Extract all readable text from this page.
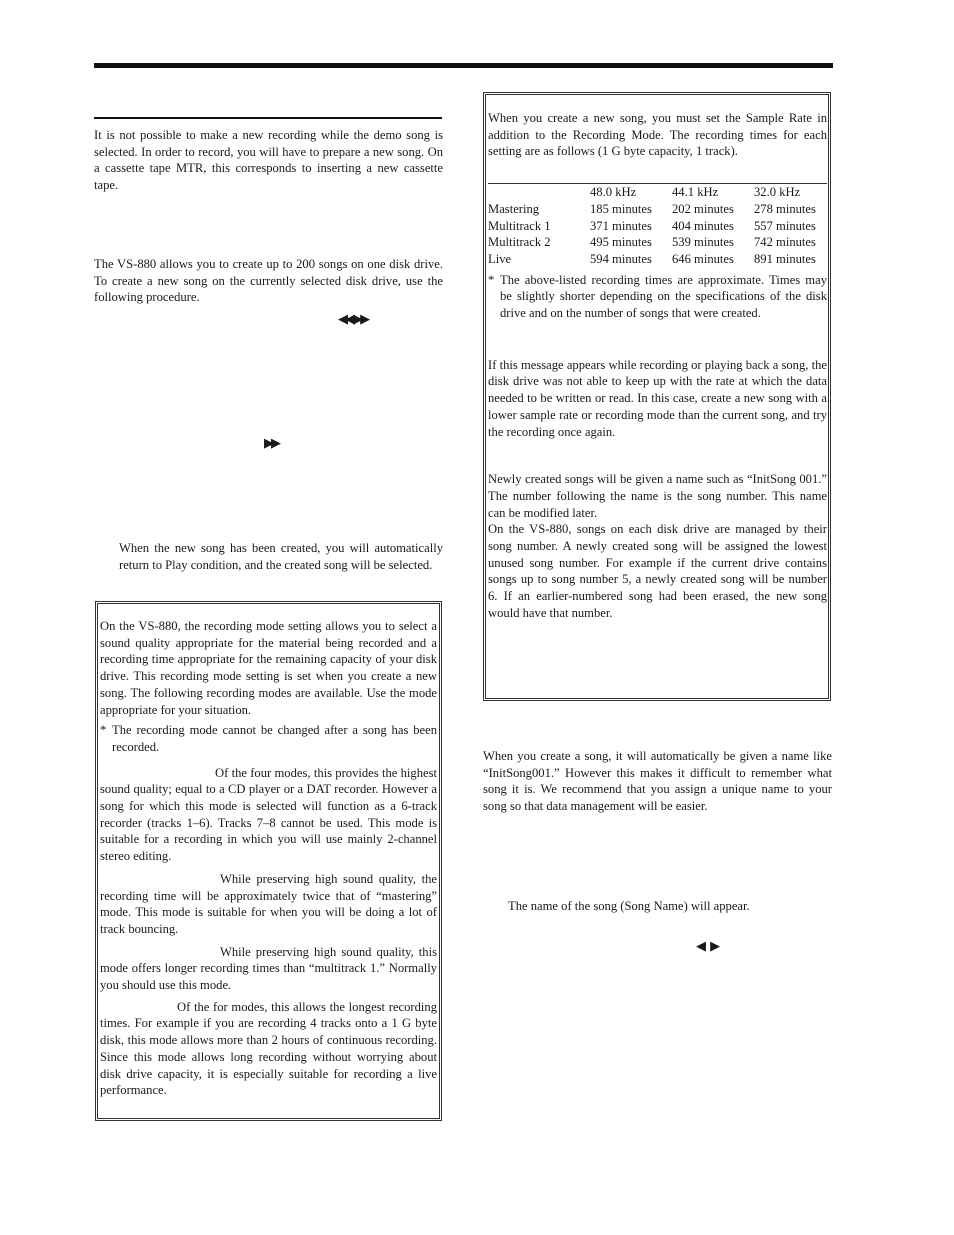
It is not possible to make a new recording while the demo song is selected. In order to record, you will have to prepare a new song. On a cassette tape MTR, this corresponds to inserting a new cassette tape.

The VS-880 allows you to create up to 200 songs on one disk drive. To create a new song on the currently selected disk drive, use the following procedure.

◀◀ ▶▶
▶▶

When the new song has been created, you will automatically return to Play condition, and the created song will be selected.

On the VS-880, the recording mode setting allows you to select a sound quality appropriate for the material being recorded and a recording time appropriate for the remaining capacity of your disk drive. This recording mode setting is set when you create a new song. The following recording modes are available. Use the mode appropriate for your situation.

* The recording mode cannot be changed after a song has been recorded.

Of the four modes, this provides the highest sound quality; equal to a CD player or a DAT recorder. However a song for which this mode is selected will function as a 6-track recorder (tracks 1–6). Tracks 7–8 cannot be used. This mode is suitable for a recording in which you will use mainly 2-channel stereo editing.

While preserving high sound quality, the recording time will be approximately twice that of “mastering” mode. This mode is suitable for when you will be doing a lot of track bouncing.

While preserving high sound quality, this mode offers longer recording times than “multitrack 1.” Normally you should use this mode.

Of the for modes, this allows the longest recording times. For example if you are recording 4 tracks onto a 1 G byte disk, this mode allows more than 2 hours of continuous recording. Since this mode allows long recording without worrying about disk drive capacity, it is especially suitable for recording a live performance.

When you create a new song, you must set the Sample Rate in addition to the Recording Mode. The recording times for each setting are as follows (1 G byte capacity, 1 track).

	48.0 kHz	44.1 kHz	32.0 kHz
Mastering	185 minutes	202 minutes	278 minutes
Multitrack 1	371 minutes	404 minutes	557 minutes
Multitrack 2	495 minutes	539 minutes	742 minutes
Live	594 minutes	646 minutes	891 minutes
* The above-listed recording times are approximate. Times may be slightly shorter depending on the specifications of the disk drive and on the number of songs that were created.

If this message appears while recording or playing back a song, the disk drive was not able to keep up with the rate at which the data needed to be written or read. In this case, create a new song with a lower sample rate or recording mode than the current song, and try the recording once again.

Newly created songs will be given a name such as “InitSong 001.” The number following the name is the song number. This name can be modified later.

On the VS-880, songs on each disk drive are managed by their song number. A newly created song will be assigned the lowest unused song number. For example if the current drive contains songs up to song number 5, a newly created song will be number 6. If an earlier-numbered song had been erased, the new song would have that number.

When you create a song, it will automatically be given a name like “InitSong001.” However this makes it difficult to remember what song it is. We recommend that you assign a unique name to your song so that data management will be easier.

The name of the song (Song Name) will appear.

◀ ▶
